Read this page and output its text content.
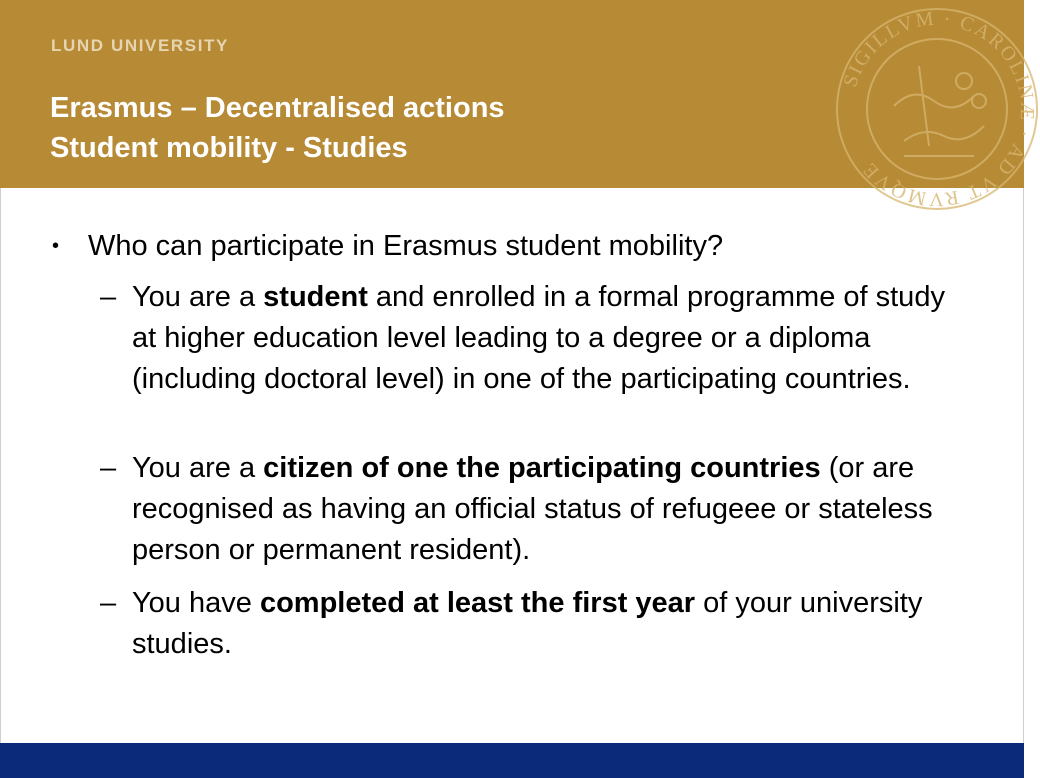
LUND UNIVERSITY
Erasmus – Decentralised actions
Student mobility - Studies
SIGILLVM · CAROLINÆ · AD VT RVMQVE
• Who can participate in Erasmus student mobility?
– You are a student and enrolled in a formal programme of study at higher education level leading to a degree or a diploma (including doctoral level) in one of the participating countries.
– You are a citizen of one the participating countries (or are recognised as having an official status of refugeee or stateless person or permanent resident).
– You have completed at least the first year of your university studies.
